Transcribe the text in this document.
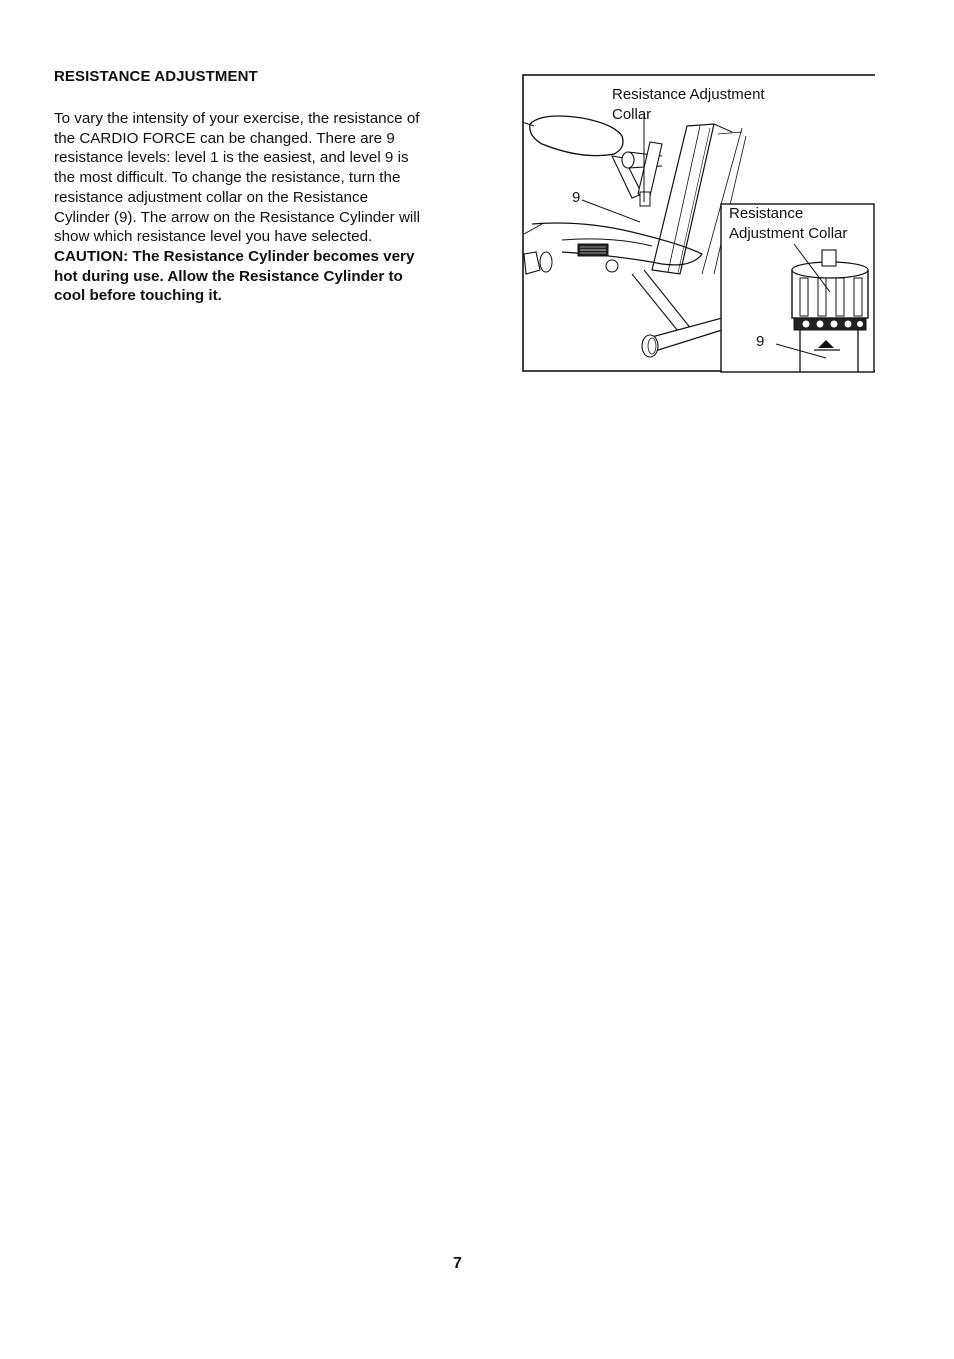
RESISTANCE ADJUSTMENT

To vary the intensity of your exercise, the resistance of
the CARDIO FORCE can be changed. There are 9
resistance levels: level 1 is the easiest, and level 9 is
the most difficult. To change the resistance, turn the
resistance adjustment collar on the Resistance
Cylinder (9). The arrow on the Resistance Cylinder will
show which resistance level you have selected.
CAUTION: The Resistance Cylinder becomes very
hot during use. Allow the Resistance Cylinder to
cool before touching it.

Resistance Adjustment
Collar
Resistance
Adjustment Collar
9
9
7
